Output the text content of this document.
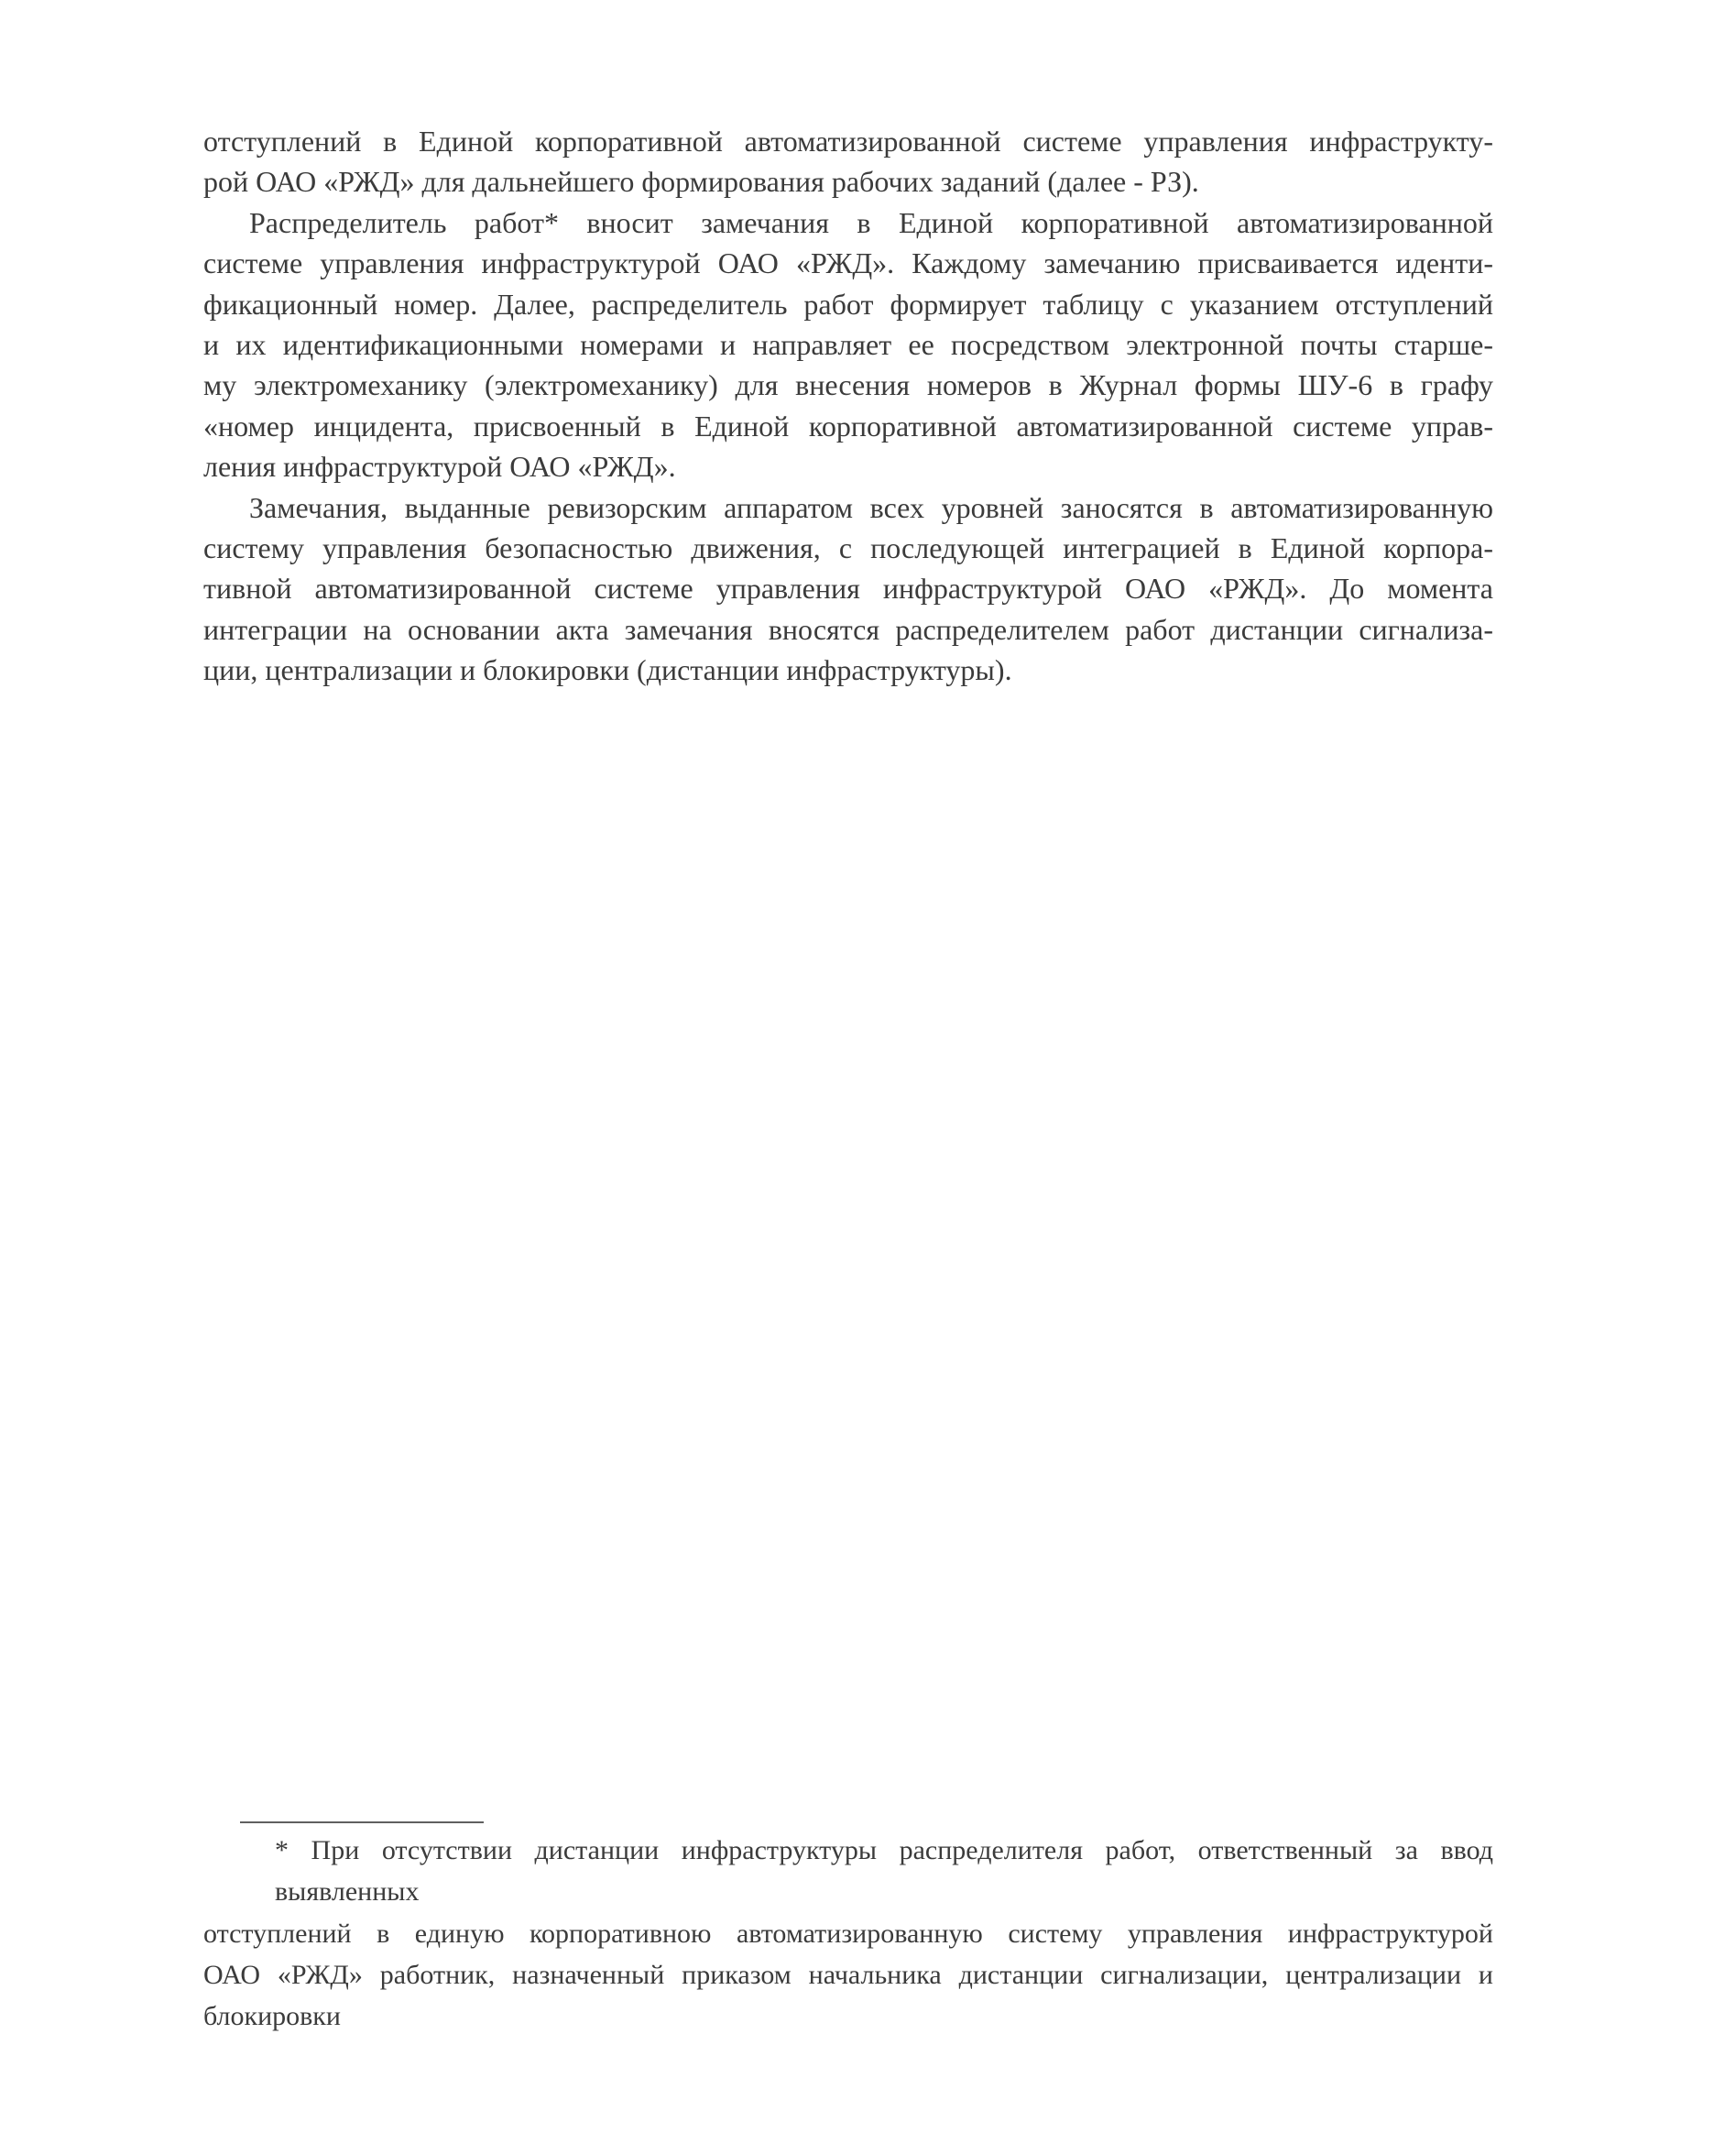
отступлений в Единой корпоративной автоматизированной системе управления инфраструкту-
рой ОАО «РЖД» для дальнейшего формирования рабочих заданий (далее - РЗ).
Распределитель работ* вносит замечания в Единой корпоративной автоматизированной
системе управления инфраструктурой ОАО «РЖД». Каждому замечанию присваивается иденти-
фикационный номер. Далее, распределитель работ формирует таблицу с указанием отступлений
и их идентификационными номерами и направляет ее посредством электронной почты старше-
му электромеханику (электромеханику) для внесения номеров в Журнал формы ШУ-6 в графу
«номер инцидента, присвоенный в Единой корпоративной автоматизированной системе управ-
ления инфраструктурой ОАО «РЖД».
Замечания, выданные ревизорским аппаратом всех уровней заносятся в автоматизированную
систему управления безопасностью движения, с последующей интеграцией в Единой корпора-
тивной автоматизированной системе управления инфраструктурой ОАО «РЖД». До момента
интеграции на основании акта замечания вносятся распределителем работ дистанции сигнализа-
ции, централизации и блокировки (дистанции инфраструктуры).
* При отсутствии дистанции инфраструктуры распределителя работ, ответственный за ввод выявленных
отступлений в единую корпоративною автоматизированную систему управления инфраструктурой
ОАО «РЖД» работник, назначенный приказом начальника дистанции сигнализации, централизации и
блокировки
